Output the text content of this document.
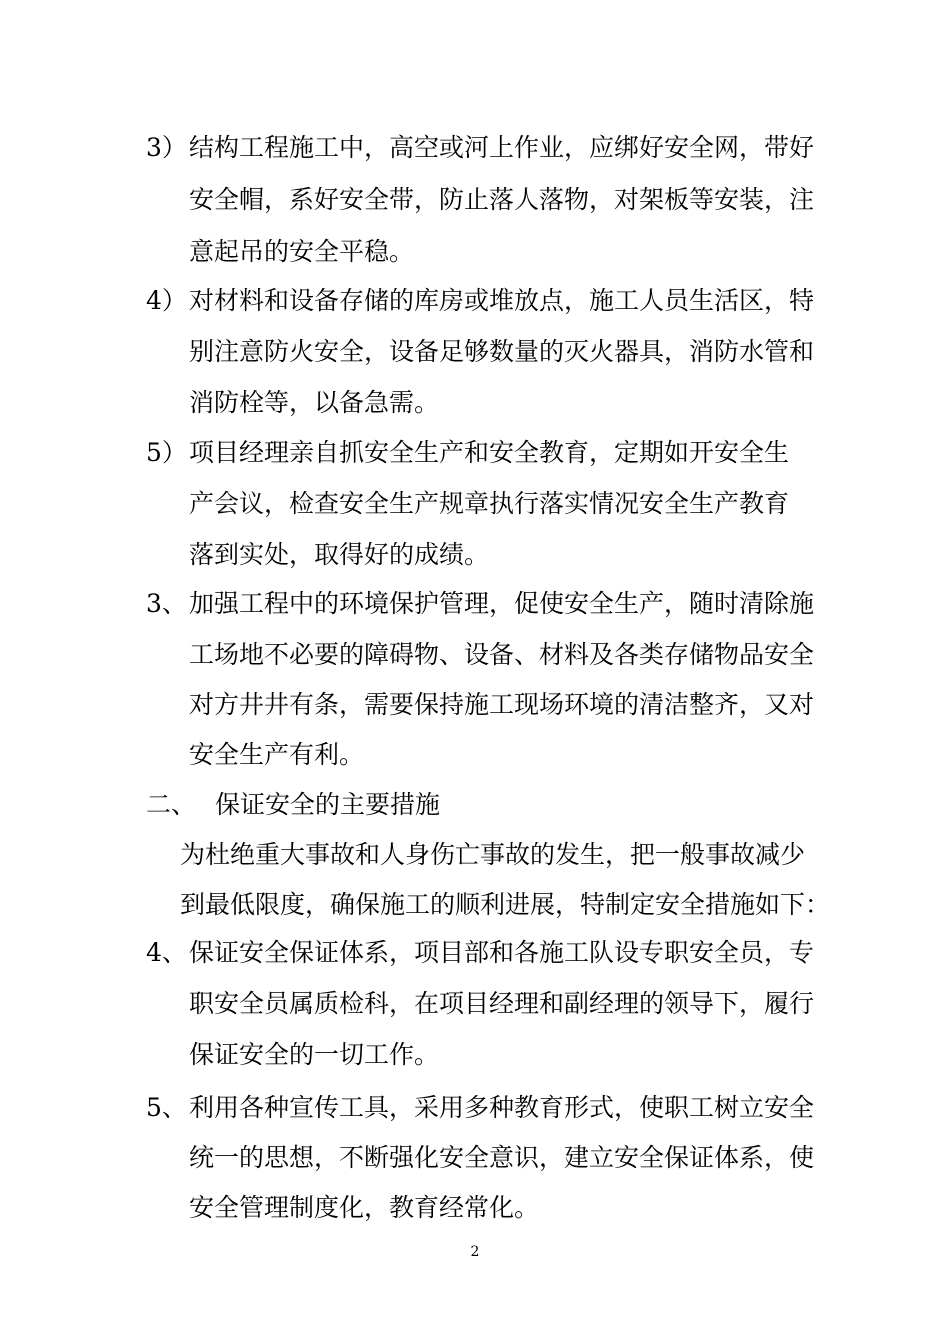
3） 结构工程施工中，高空或河上作业，应绑好安全网，带好
安全帽，系好安全带，防止落人落物，对架板等安装，注
意起吊的安全平稳。
4） 对材料和设备存储的库房或堆放点，施工人员生活区，特
别注意防火安全，设备足够数量的灭火器具，消防水管和
消防栓等，以备急需。
5） 项目经理亲自抓安全生产和安全教育，定期如开安全生
产会议，检查安全生产规章执行落实情况安全生产教育
落到实处，取得好的成绩。
3、 加强工程中的环境保护管理，促使安全生产，随时清除施
工场地不必要的障碍物、设备、材料及各类存储物品安全
对方井井有条，需要保持施工现场环境的清洁整齐，又对
安全生产有利。
二、 保证安全的主要措施
为杜绝重大事故和人身伤亡事故的发生，把一般事故减少
到最低限度，确保施工的顺利进展，特制定安全措施如下：
4、 保证安全保证体系，项目部和各施工队设专职安全员，专
职安全员属质检科，在项目经理和副经理的领导下，履行
保证安全的一切工作。
5、 利用各种宣传工具，采用多种教育形式，使职工树立安全
统一的思想，不断强化安全意识，建立安全保证体系，使
安全管理制度化，教育经常化。
2
